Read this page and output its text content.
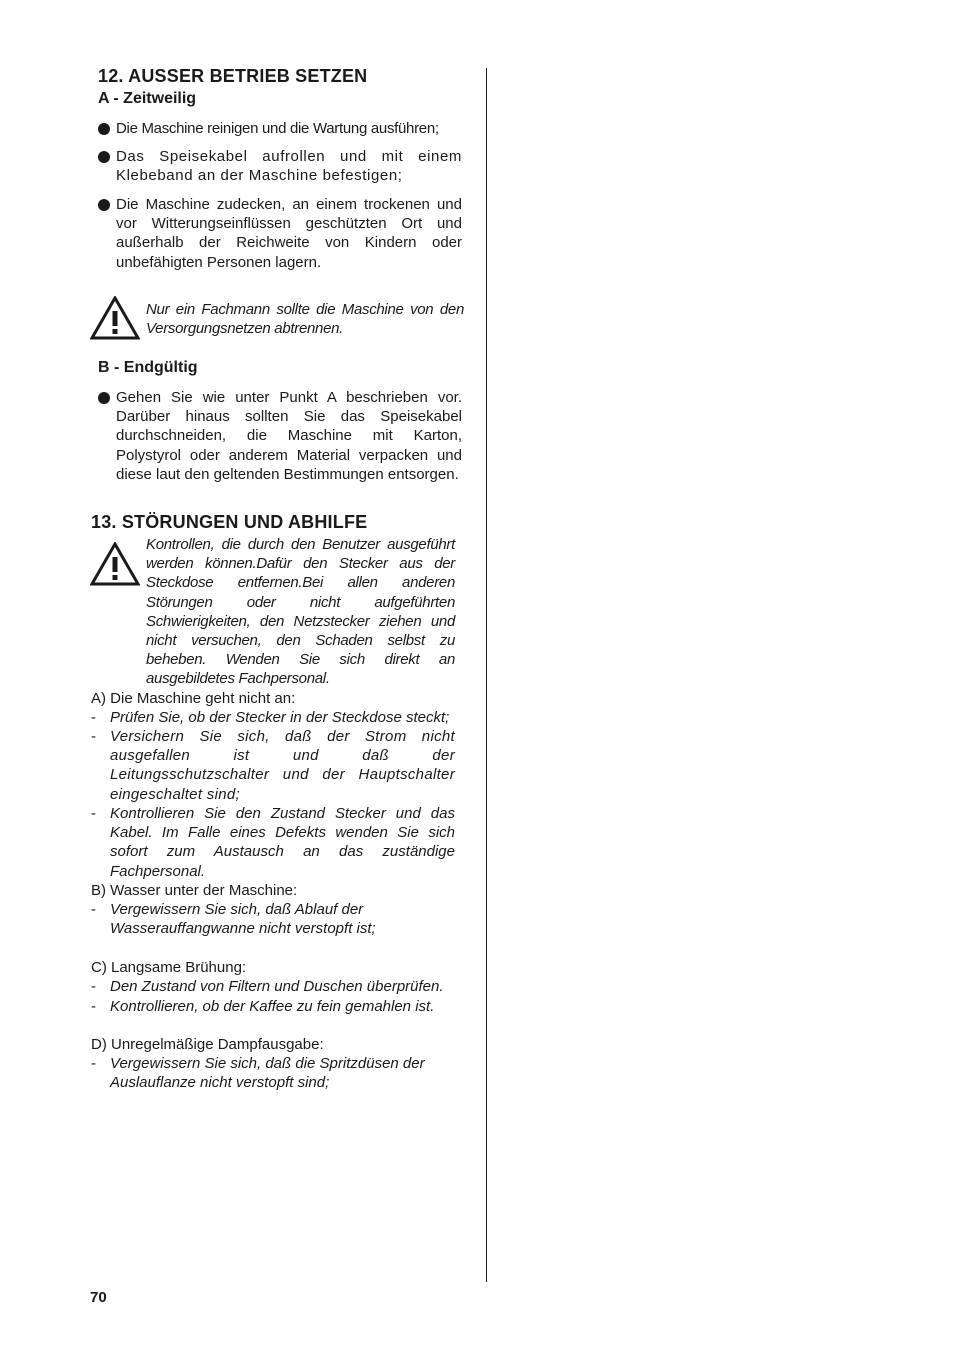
12. AUSSER BETRIEB SETZEN
A - Zeitweilig
Die Maschine reinigen und die Wartung ausführen;
Das Speisekabel aufrollen und mit einem Klebeband an der Maschine befestigen;
Die Maschine zudecken, an einem trockenen und vor Witterungseinflüssen geschützten Ort und außerhalb der Reichweite von Kindern oder unbefähigten Personen lagern.
Nur ein Fachmann sollte die Maschine von den Versorgungsnetzen abtrennen.
B - Endgültig
Gehen Sie wie unter Punkt A beschrieben vor. Darüber hinaus sollten Sie das Speisekabel durchschneiden, die Maschine mit Karton, Polystyrol oder anderem Material verpacken und diese laut den geltenden Bestimmungen entsorgen.
13. STÖRUNGEN UND ABHILFE
Kontrollen, die durch den Benutzer ausgeführt werden können.Dafür den Stecker aus der Steckdose entfernen.Bei allen anderen Störungen oder nicht aufgeführten Schwierigkeiten, den Netzstecker ziehen und nicht versuchen, den Schaden selbst zu beheben. Wenden Sie sich direkt an ausgebildetes Fachpersonal.
A) Die Maschine geht nicht an:
- Prüfen Sie, ob der Stecker in der Steckdose steckt;
- Versichern Sie sich, daß der Strom nicht ausgefallen ist und daß der Leitungsschutzschalter und der Hauptschalter eingeschaltet sind;
- Kontrollieren Sie den Zustand Stecker und das Kabel. Im Falle eines Defekts wenden Sie sich sofort zum Austausch an das zuständige Fachpersonal.
B) Wasser unter der Maschine:
- Vergewissern Sie sich, daß Ablauf der Wasserauffangwanne nicht verstopft ist;
C) Langsame Brühung:
- Den Zustand von Filtern und Duschen überprüfen.
- Kontrollieren, ob der Kaffee zu fein gemahlen ist.
D) Unregelmäßige Dampfausgabe:
- Vergewissern Sie sich, daß die Spritzdüsen der Auslauflanze nicht verstopft sind;
70
